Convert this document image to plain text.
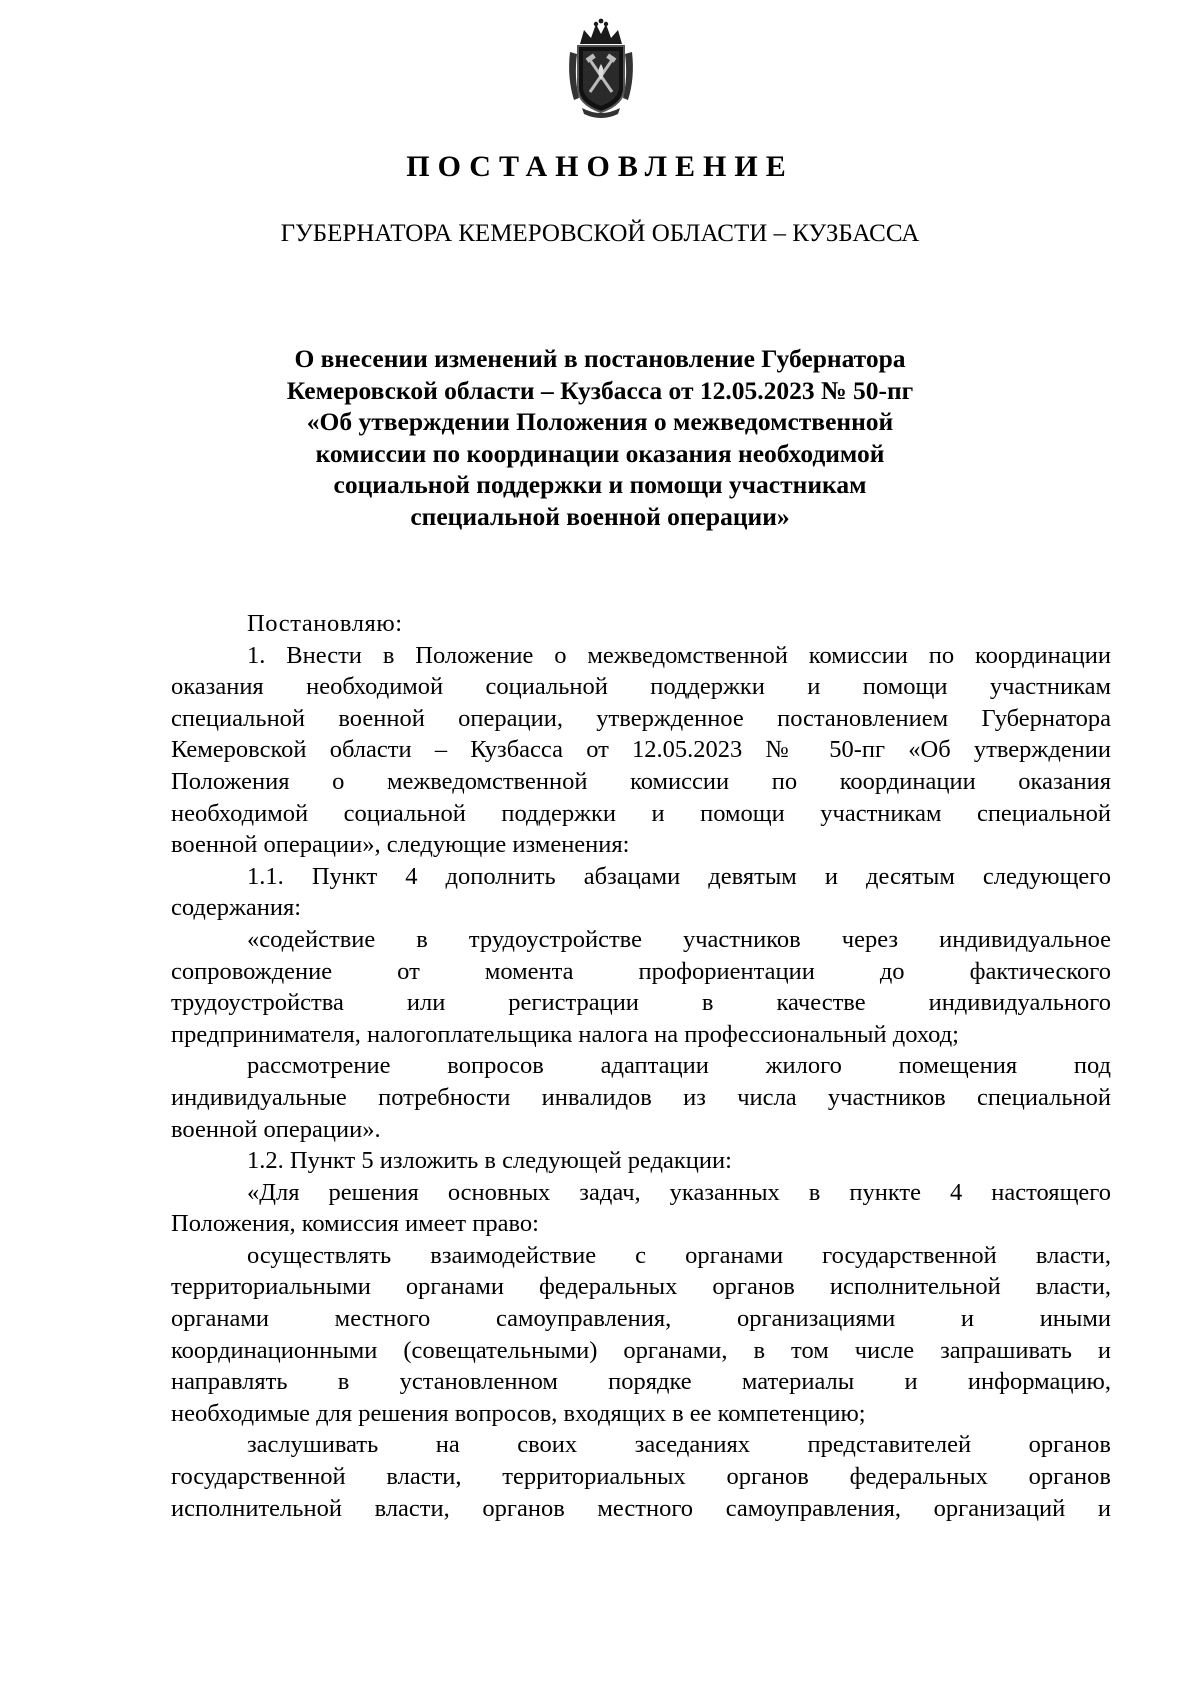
ПОСТАНОВЛЕНИЕ

ГУБЕРНАТОРА КЕМЕРОВСКОЙ ОБЛАСТИ – КУЗБАССА

О внесении изменений в постановление Губернатора
Кемеровской области – Кузбасса от 12.05.2023 № 50-пг
«Об утверждении Положения о межведомственной
комиссии по координации оказания необходимой
социальной поддержки и помощи участникам
специальной военной операции»
Постановляю:
1. Внести в Положение о межведомственной комиссии по координации
оказания необходимой социальной поддержки и помощи участникам
специальной военной операции, утвержденное постановлением Губернатора
Кемеровской области – Кузбасса от 12.05.2023 № 50-пг «Об утверждении
Положения о межведомственной комиссии по координации оказания
необходимой социальной поддержки и помощи участникам специальной
военной операции», следующие изменения:
1.1. Пункт 4 дополнить абзацами девятым и десятым следующего
содержания:
«содействие в трудоустройстве участников через индивидуальное
сопровождение от момента профориентации до фактического
трудоустройства или регистрации в качестве индивидуального
предпринимателя, налогоплательщика налога на профессиональный доход;
рассмотрение вопросов адаптации жилого помещения под
индивидуальные потребности инвалидов из числа участников специальной
военной операции».
1.2. Пункт 5 изложить в следующей редакции:
«Для решения основных задач, указанных в пункте 4 настоящего
Положения, комиссия имеет право:
осуществлять взаимодействие с органами государственной власти,
территориальными органами федеральных органов исполнительной власти,
органами местного самоуправления, организациями и иными
координационными (совещательными) органами, в том числе запрашивать и
направлять в установленном порядке материалы и информацию,
необходимые для решения вопросов, входящих в ее компетенцию;
заслушивать на своих заседаниях представителей органов
государственной власти, территориальных органов федеральных органов
исполнительной власти, органов местного самоуправления, организаций и
